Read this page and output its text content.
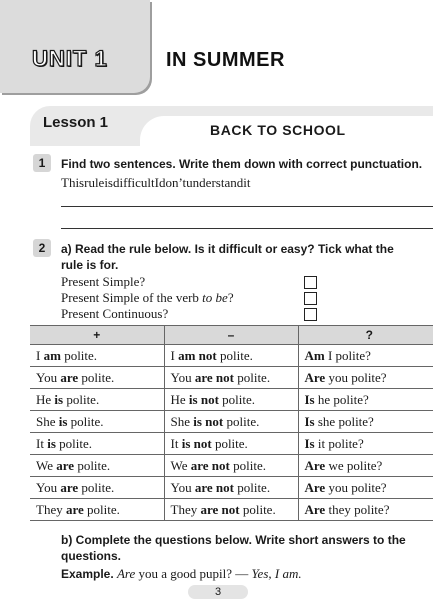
UNIT 1	IN SUMMER
Lesson 1	BACK TO SCHOOL
1	Find two sentences. Write them down with correct punctuation.
ThisruleisdifficultIdon’tunderstandit
2	a) Read the rule below. Is it difficult or easy? Tick what the
rule is for.
Present Simple?
Present Simple of the verb to be?
Present Continuous?
+	–	?
I am polite.	I am not polite.	Am I polite?
You are polite.	You are not polite.	Are you polite?
He is polite.	He is not polite.	Is he polite?
She is polite.	She is not polite.	Is she polite?
It is polite.	It is not polite.	Is it polite?
We are polite.	We are not polite.	Are we polite?
You are polite.	You are not polite.	Are you polite?
They are polite.	They are not polite.	Are they polite?
b) Complete the questions below. Write short answers to the
questions.
Example. Are you a good pupil? — Yes, I am.
3
